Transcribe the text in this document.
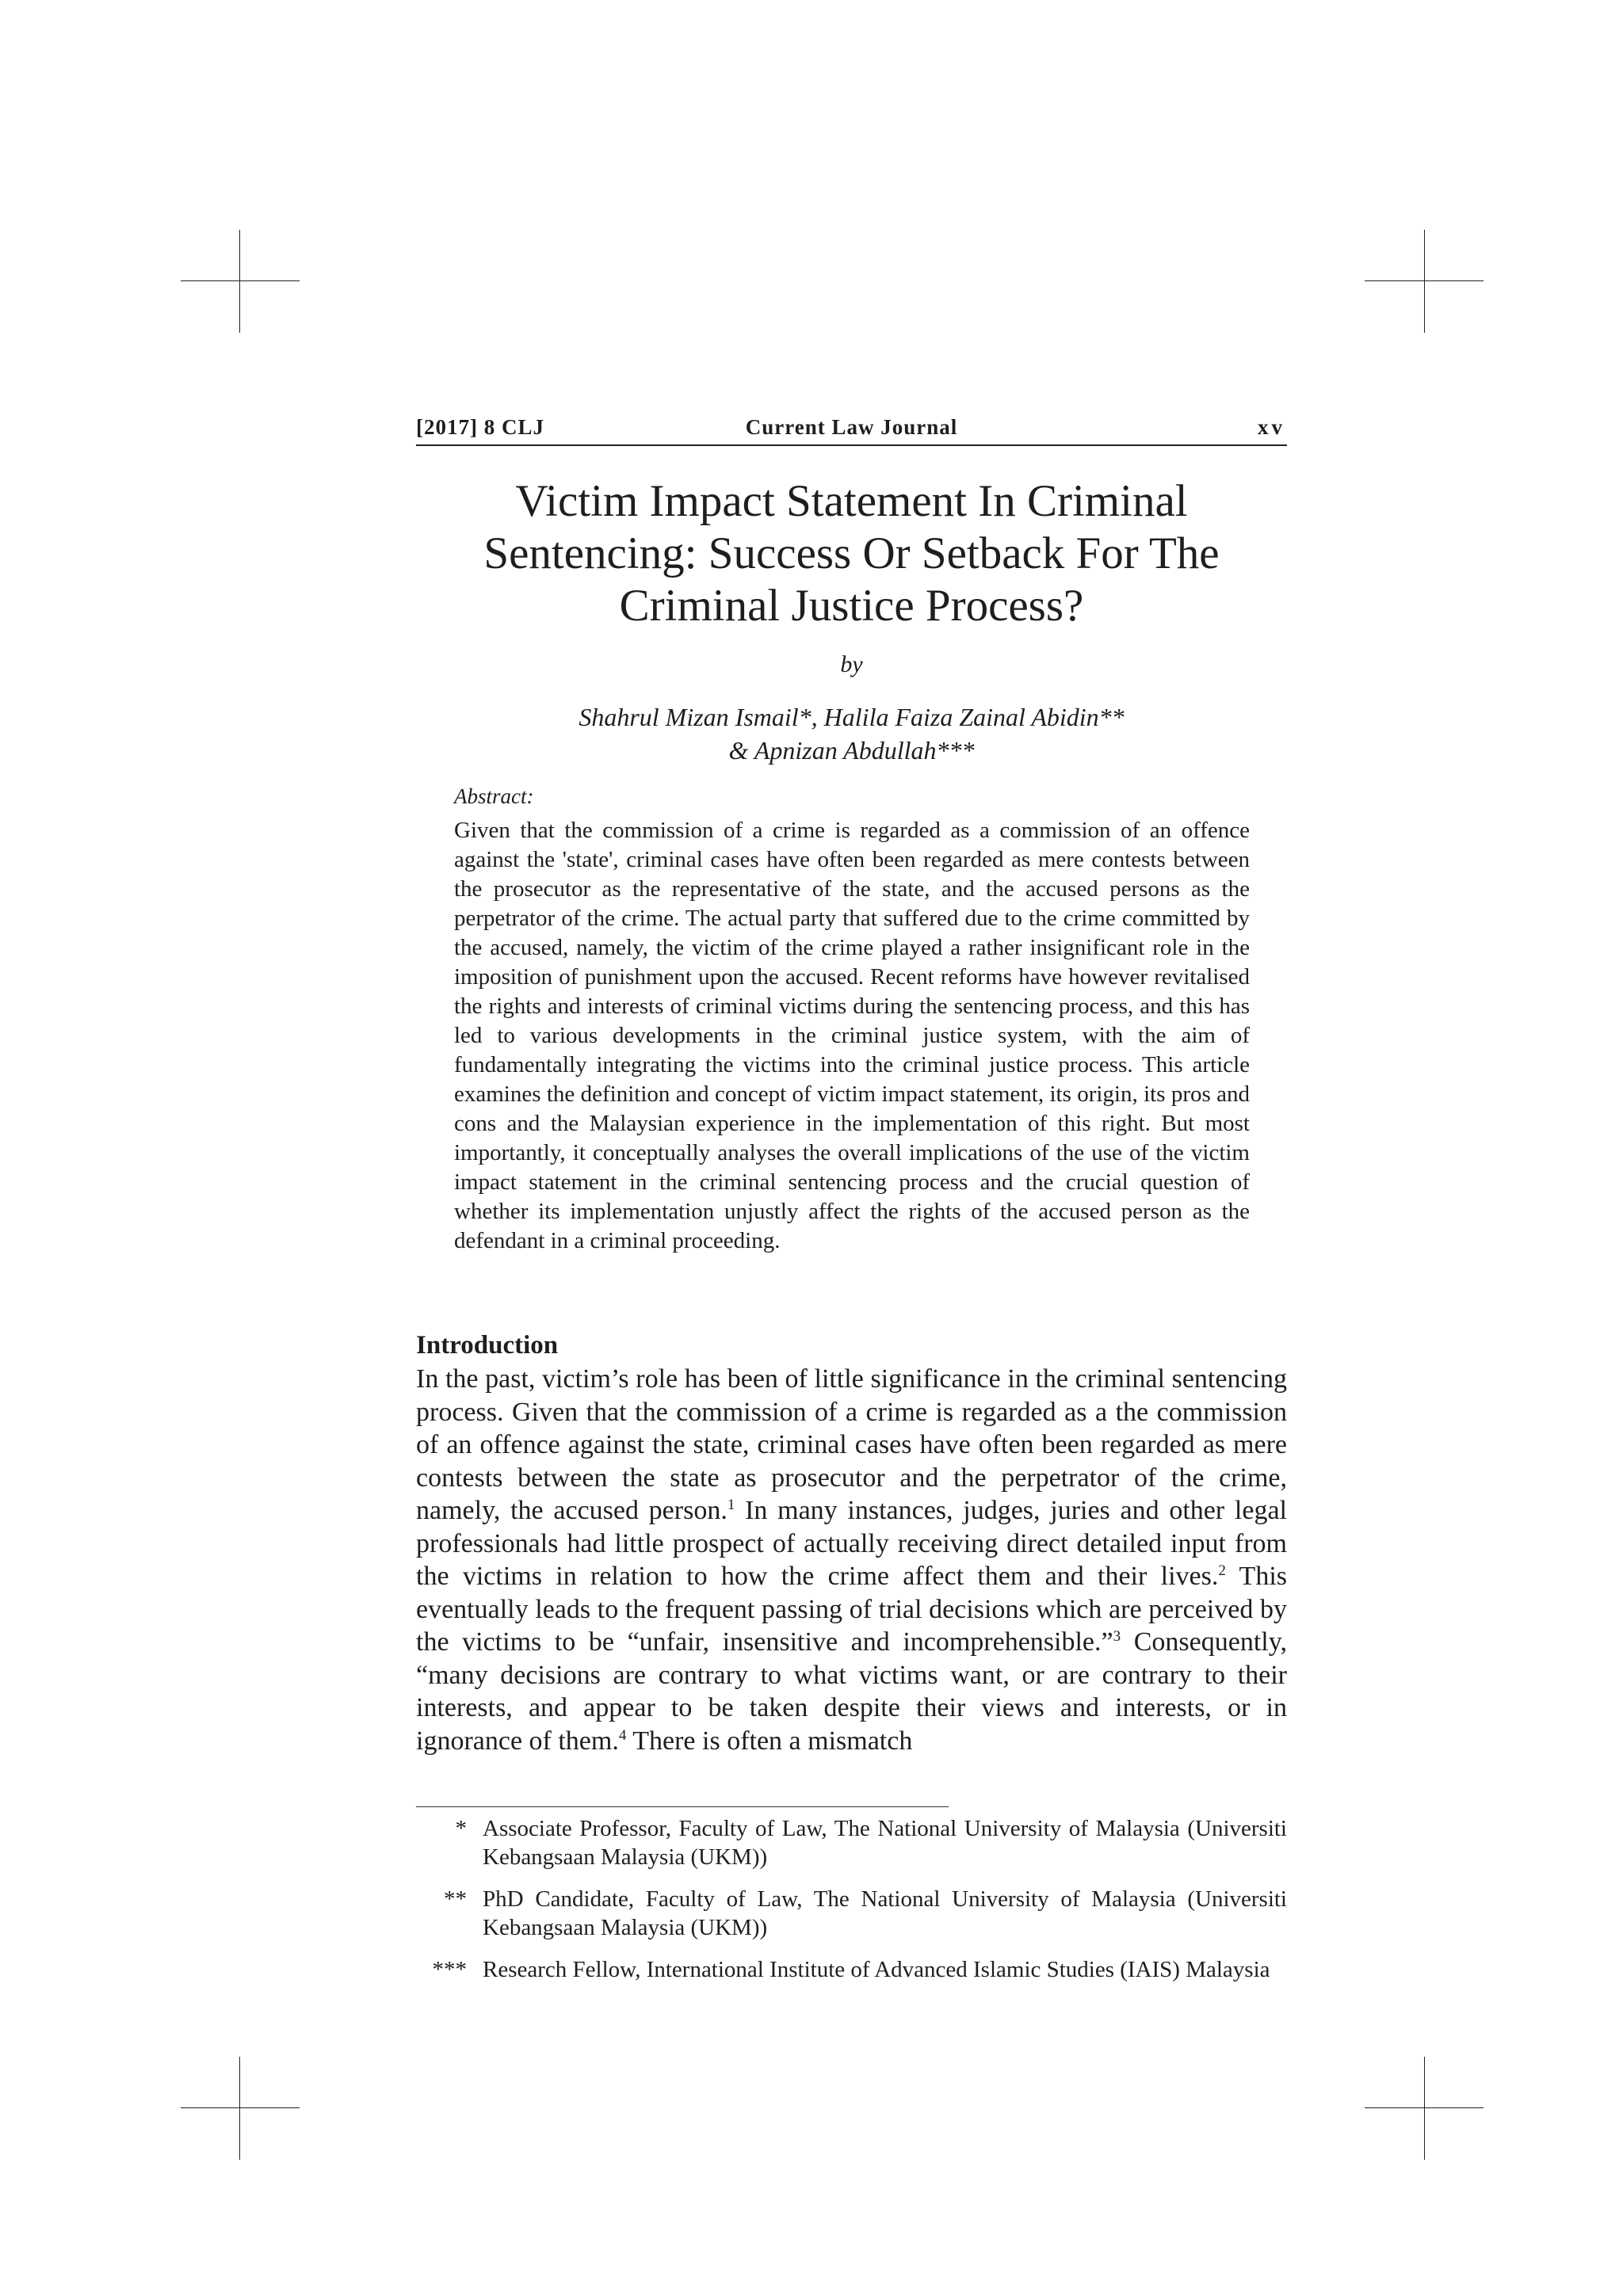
Current Law Journal
[2017] 8 CLJ	xv
Victim Impact Statement In Criminal
Sentencing: Success Or Setback For The
Criminal Justice Process?
by
Shahrul Mizan Ismail*, Halila Faiza Zainal Abidin**
& Apnizan Abdullah***
Abstract:

Given that the commission of a crime is regarded as a commission of an offence against the 'state', criminal cases have often been regarded as mere contests between the prosecutor as the representative of the state, and the accused persons as the perpetrator of the crime. The actual party that suffered due to the crime committed by the accused, namely, the victim of the crime played a rather insignificant role in the imposition of punishment upon the accused. Recent reforms have however revitalised the rights and interests of criminal victims during the sentencing process, and this has led to various developments in the criminal justice system, with the aim of fundamentally integrating the victims into the criminal justice process. This article examines the definition and concept of victim impact statement, its origin, its pros and cons and the Malaysian experience in the implementation of this right. But most importantly, it conceptually analyses the overall implications of the use of the victim impact statement in the criminal sentencing process and the crucial question of whether its implementation unjustly affect the rights of the accused person as the defendant in a criminal proceeding.

Introduction

In the past, victim’s role has been of little significance in the criminal sentencing process. Given that the commission of a crime is regarded as a the commission of an offence against the state, criminal cases have often been regarded as mere contests between the state as prosecutor and the perpetrator of the crime, namely, the accused person.$^1$ In many instances, judges, juries and other legal professionals had little prospect of actually receiving direct detailed input from the victims in relation to how the crime affect them and their lives.$^2$ This eventually leads to the frequent passing of trial decisions which are perceived by the victims to be “unfair, insensitive and incomprehensible.”$^3$ Consequently, “many decisions are contrary to what victims want, or are contrary to their interests, and appear to be taken despite their views and interests, or in ignorance of them.$^4$ There is often a mismatch

* Associate Professor, Faculty of Law, The National University of Malaysia (Universiti Kebangsaan Malaysia (UKM))
** PhD Candidate, Faculty of Law, The National University of Malaysia (Universiti Kebangsaan Malaysia (UKM))
*** Research Fellow, International Institute of Advanced Islamic Studies (IAIS) Malaysia
